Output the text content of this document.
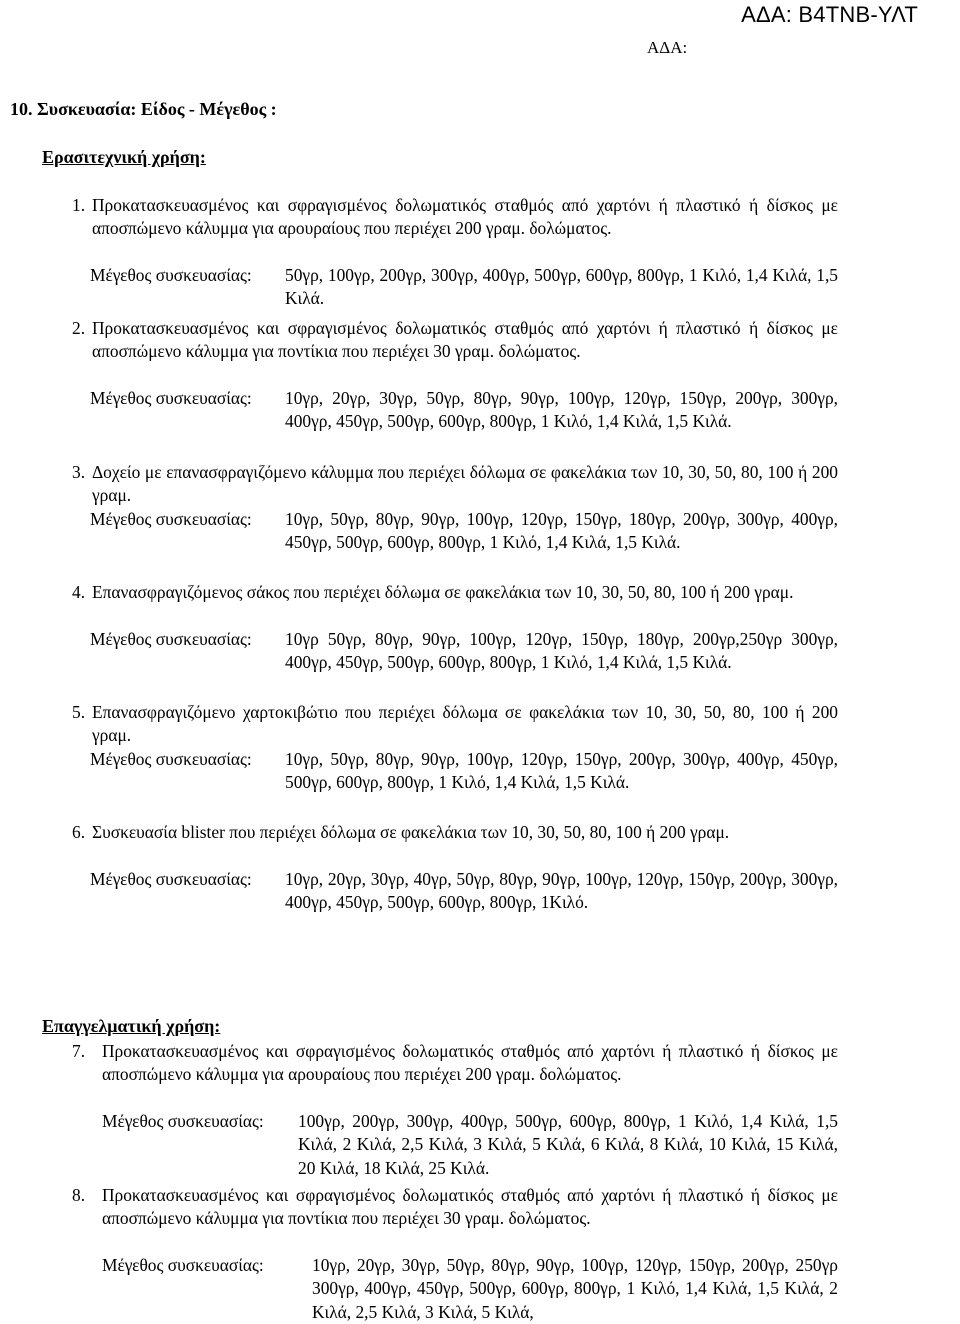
ΑΔΑ: Β4ΤΝΒ-ΥΛΤ
ΑΔΑ:
10. Συσκευασία: Είδος - Μέγεθος :
Ερασιτεχνική χρήση:
1. Προκατασκευασμένος και σφραγισμένος δολωματικός σταθμός από χαρτόνι ή πλαστικό ή δίσκος με αποσπώμενο κάλυμμα για αρουραίους που περιέχει 200 γραμ. δολώματος.
Μέγεθος συσκευασίας: 50γρ, 100γρ, 200γρ, 300γρ, 400γρ, 500γρ, 600γρ, 800γρ, 1 Κιλό, 1,4 Κιλά, 1,5 Κιλά.
2. Προκατασκευασμένος και σφραγισμένος δολωματικός σταθμός από χαρτόνι ή πλαστικό ή δίσκος με αποσπώμενο κάλυμμα για ποντίκια που περιέχει 30 γραμ. δολώματος.
Μέγεθος συσκευασίας: 10γρ, 20γρ, 30γρ, 50γρ, 80γρ, 90γρ, 100γρ, 120γρ, 150γρ, 200γρ, 300γρ, 400γρ, 450γρ, 500γρ, 600γρ, 800γρ, 1 Κιλό, 1,4 Κιλά, 1,5 Κιλά.
3. Δοχείο με επανασφραγιζόμενο κάλυμμα που περιέχει δόλωμα σε φακελάκια των 10, 30, 50, 80, 100 ή 200 γραμ.
Μέγεθος συσκευασίας: 10γρ, 50γρ, 80γρ, 90γρ, 100γρ, 120γρ, 150γρ, 180γρ, 200γρ, 300γρ, 400γρ, 450γρ, 500γρ, 600γρ, 800γρ, 1 Κιλό, 1,4 Κιλά, 1,5 Κιλά.
4. Επανασφραγιζόμενος σάκος που περιέχει δόλωμα σε φακελάκια των 10, 30, 50, 80, 100 ή 200 γραμ.
Μέγεθος συσκευασίας: 10γρ 50γρ, 80γρ, 90γρ, 100γρ, 120γρ, 150γρ, 180γρ, 200γρ,250γρ 300γρ, 400γρ, 450γρ, 500γρ, 600γρ, 800γρ, 1 Κιλό, 1,4 Κιλά, 1,5 Κιλά.
5. Επανασφραγιζόμενο χαρτοκιβώτιο που περιέχει δόλωμα σε φακελάκια των 10, 30, 50, 80, 100 ή 200 γραμ.
Μέγεθος συσκευασίας: 10γρ, 50γρ, 80γρ, 90γρ, 100γρ, 120γρ, 150γρ, 200γρ, 300γρ, 400γρ, 450γρ, 500γρ, 600γρ, 800γρ, 1 Κιλό, 1,4 Κιλά, 1,5 Κιλά.
6. Συσκευασία blister που περιέχει δόλωμα σε φακελάκια των 10, 30, 50, 80, 100 ή 200 γραμ.
Μέγεθος συσκευασίας: 10γρ, 20γρ, 30γρ, 40γρ, 50γρ, 80γρ, 90γρ, 100γρ, 120γρ, 150γρ, 200γρ, 300γρ, 400γρ, 450γρ, 500γρ, 600γρ, 800γρ, 1Κιλό.
Επαγγελματική χρήση:
7. Προκατασκευασμένος και σφραγισμένος δολωματικός σταθμός από χαρτόνι ή πλαστικό ή δίσκος με αποσπώμενο κάλυμμα για αρουραίους που περιέχει 200 γραμ. δολώματος.
Μέγεθος συσκευασίας: 100γρ, 200γρ, 300γρ, 400γρ, 500γρ, 600γρ, 800γρ, 1 Κιλό, 1,4 Κιλά, 1,5 Κιλά, 2 Κιλά, 2,5 Κιλά, 3 Κιλά, 5 Κιλά, 6 Κιλά, 8 Κιλά, 10 Κιλά, 15 Κιλά, 20 Κιλά, 18 Κιλά, 25 Κιλά.
8. Προκατασκευασμένος και σφραγισμένος δολωματικός σταθμός από χαρτόνι ή πλαστικό ή δίσκος με αποσπώμενο κάλυμμα για ποντίκια που περιέχει 30 γραμ. δολώματος.
Μέγεθος συσκευασίας:	10γρ, 20γρ, 30γρ, 50γρ, 80γρ, 90γρ, 100γρ, 120γρ, 150γρ, 200γρ, 250γρ 300γρ, 400γρ, 450γρ, 500γρ, 600γρ, 800γρ, 1 Κιλό, 1,4 Κιλά, 1,5 Κιλά, 2 Κιλά, 2,5 Κιλά, 3 Κιλά, 5 Κιλά,
